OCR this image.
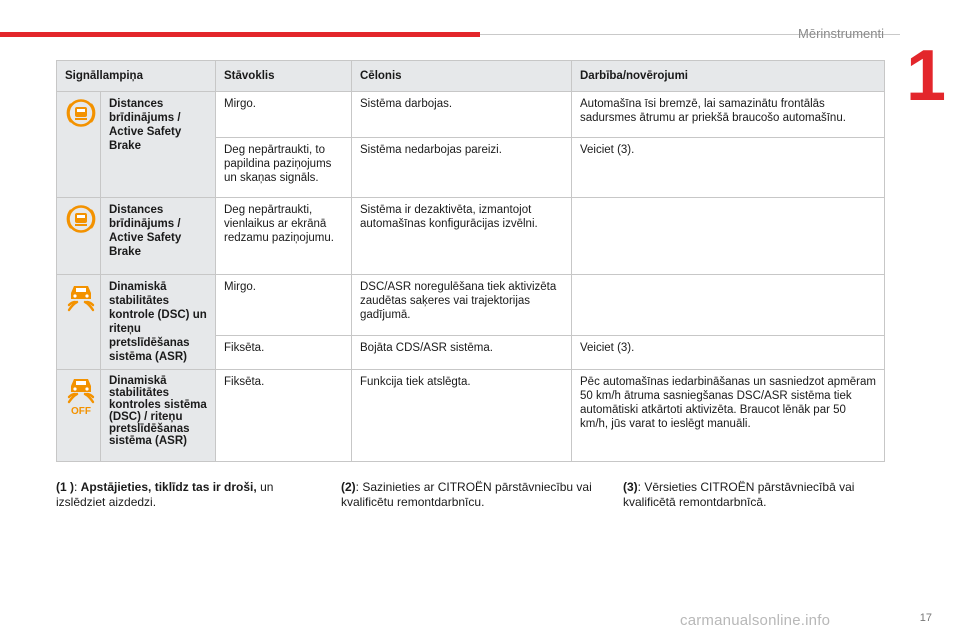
Mērinstrumenti
1
Signāllampiņa		Stāvoklis	Cēlonis	Darbība/novērojumi

	Distances brīdinājums / Active Safety Brake	Mirgo.	Sistēma darbojas.	Automašīna īsi bremzē, lai samazinātu frontālās sadursmes ātrumu ar priekšā braucošo automašīnu.
		Deg nepārtraukti, to papildina paziņojums un skaņas signāls.	Sistēma nedarbojas pareizi.	Veiciet (3).

	Distances brīdinājums / Active Safety Brake	Deg nepārtraukti, vienlaikus ar ekrānā redzamu paziņojumu.	Sistēma ir dezaktivēta, izmantojot automašīnas konfigurācijas izvēlni.	

	Dinamiskā stabilitātes kontrole (DSC) un riteņu pretslīdēšanas sistēma (ASR)	Mirgo.	DSC/ASR noregulēšana tiek aktivizēta zaudētas saķeres vai trajektorijas gadījumā.	
		Fiksēta.	Bojāta CDS/ASR sistēma.	Veiciet (3).

OFF	Dinamiskā stabilitātes kontroles sistēma (DSC) / riteņu pretslīdēšanas sistēma (ASR)	Fiksēta.	Funkcija tiek atslēgta.	Pēc automašīnas iedarbināšanas un sasniedzot apmēram 50 km/h ātruma sasniegšanas DSC/ASR sistēma tiek automātiski atkārtoti aktivizēta. Braucot lēnāk par 50 km/h, jūs varat to ieslēgt manuāli.
(1 ): Apstājieties, tiklīdz tas ir droši, un izslēdziet aizdedzi.
(2): Sazinieties ar CITROËN pārstāvniecību vai kvalificētu remontdarbnīcu.
(3): Vērsieties CITROËN pārstāvniecībā vai kvalificētā remontdarbnīcā.
carmanualsonline.info	17
